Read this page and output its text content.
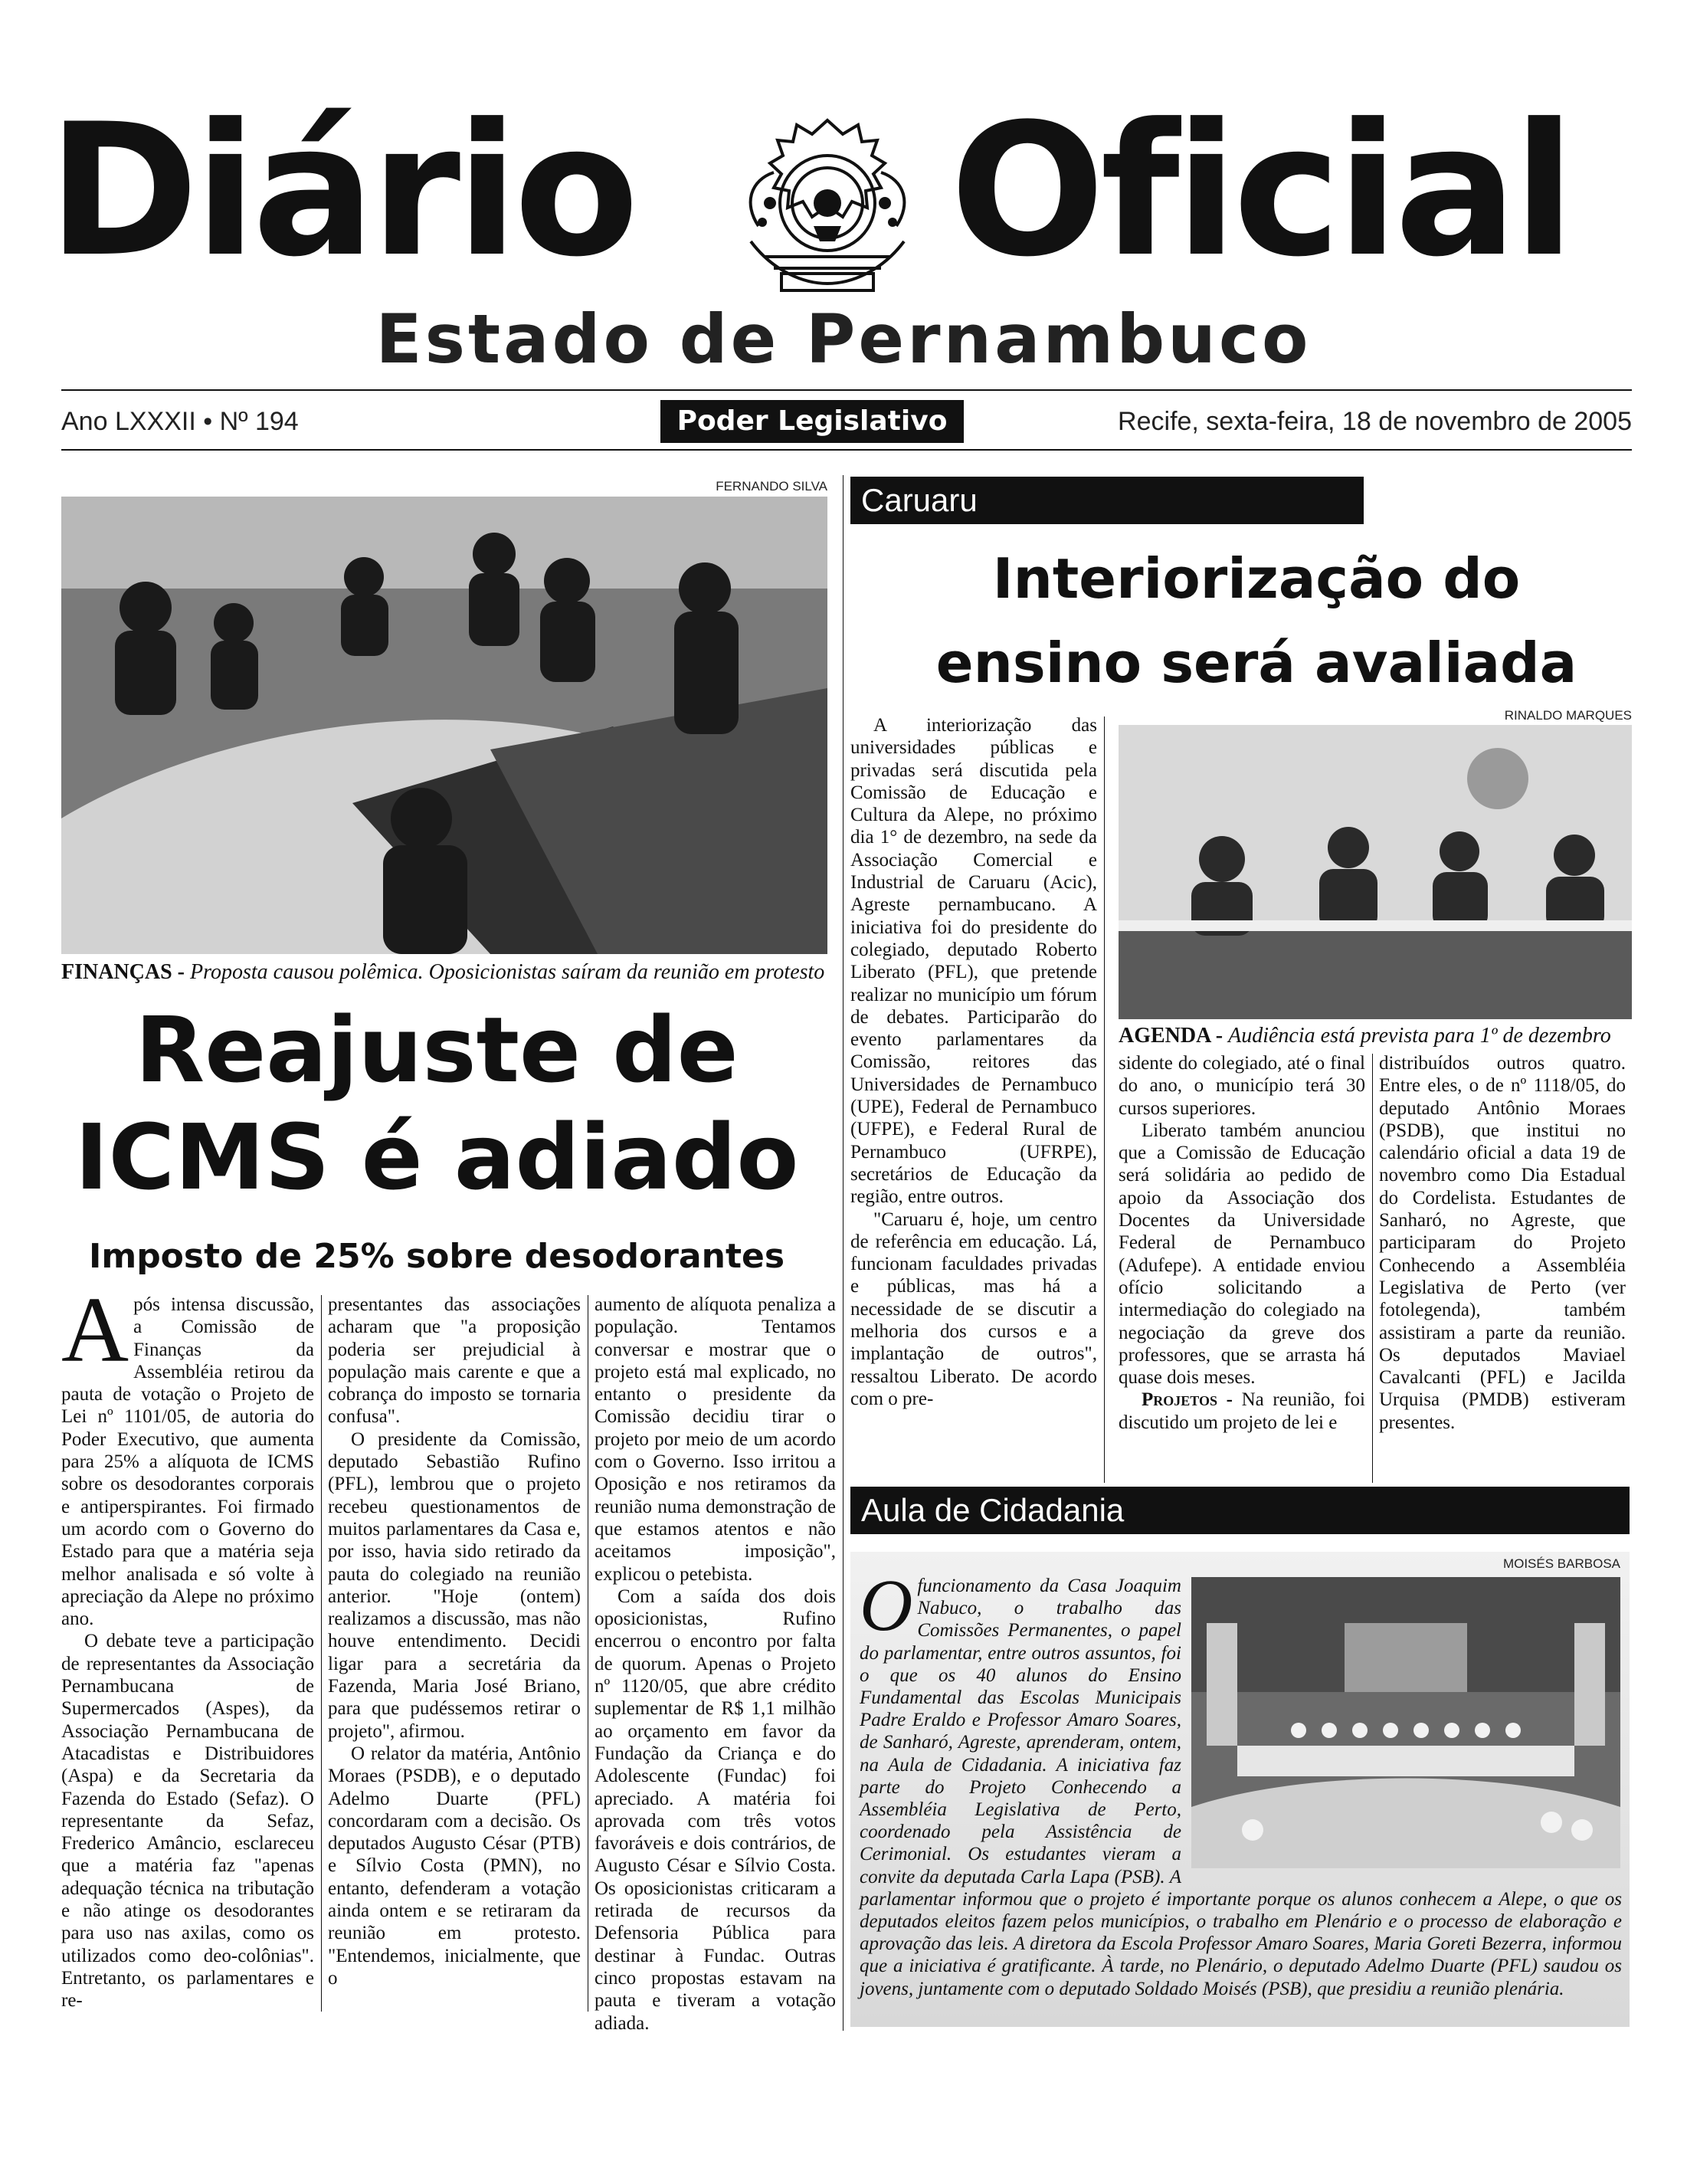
Diário	Oficial
Estado de Pernambuco
Ano LXXXII • Nº 194	Poder Legislativo	Recife, sexta-feira, 18 de novembro de 2005
FERNANDO SILVA
FINANÇAS - Proposta causou polêmica. Oposicionistas saíram da reunião em protesto
Reajuste de
ICMS é adiado
Imposto de 25% sobre desodorantes
A pós intensa discussão, a Comissão de Finanças da Assembléia retirou da pauta de votação o Projeto de Lei nº 1101/05, de autoria do Poder Executivo, que aumenta para 25% a alíquota de ICMS sobre os desodorantes corporais e antiperspirantes. Foi firmado um acordo com o Governo do Estado para que a matéria seja melhor analisada e só volte à apreciação da Alepe no próximo ano.

O debate teve a participação de representantes da Associação Pernambucana de Supermercados (Aspes), da Associação Pernambucana de Atacadistas e Distribuidores (Aspa) e da Secretaria da Fazenda do Estado (Sefaz). O representante da Sefaz, Frederico Amâncio, esclareceu que a matéria faz "apenas adequação técnica na tributação e não atinge os desodorantes para uso nas axilas, como os utilizados como deo-colônias". Entretanto, os parlamentares e re-

presentantes das associações acharam que "a proposição poderia ser prejudicial à população mais carente e que a cobrança do imposto se tornaria confusa".

O presidente da Comissão, deputado Sebastião Rufino (PFL), lembrou que o projeto recebeu questionamentos de muitos parlamentares da Casa e, por isso, havia sido retirado da pauta do colegiado na reunião anterior. "Hoje (ontem) realizamos a discussão, mas não houve entendimento. Decidi ligar para a secretária da Fazenda, Maria José Briano, para que pudéssemos retirar o projeto", afirmou.

O relator da matéria, Antônio Moraes (PSDB), e o deputado Adelmo Duarte (PFL) concordaram com a decisão. Os deputados Augusto César (PTB) e Sílvio Costa (PMN), no entanto, defenderam a votação ainda ontem e se retiraram da reunião em protesto. "Entendemos, inicialmente, que o

aumento de alíquota penaliza a população. Tentamos conversar e mostrar que o projeto está mal explicado, no entanto o presidente da Comissão decidiu tirar o projeto por meio de um acordo com o Governo. Isso irritou a Oposição e nos retiramos da reunião numa demonstração de que estamos atentos e não aceitamos imposição", explicou o petebista.

Com a saída dos dois oposicionistas, Rufino encerrou o encontro por falta de quorum. Apenas o Projeto nº 1120/05, que abre crédito suplementar de R$ 1,1 milhão ao orçamento em favor da Fundação da Criança e do Adolescente (Fundac) foi apreciado. A matéria foi aprovada com três votos favoráveis e dois contrários, de Augusto César e Sílvio Costa. Os oposicionistas criticaram a retirada de recursos da Defensoria Pública para destinar à Fundac. Outras cinco propostas estavam na pauta e tiveram a votação adiada.

Caruaru
Interiorização do
ensino será avaliada

A interiorização das universidades públicas e privadas será discutida pela Comissão de Educação e Cultura da Alepe, no próximo dia 1° de dezembro, na sede da Associação Comercial e Industrial de Caruaru (Acic), Agreste pernambucano. A iniciativa foi do presidente do colegiado, deputado Roberto Liberato (PFL), que pretende realizar no município um fórum de debates. Participarão do evento parlamentares da Comissão, reitores das Universidades de Pernambuco (UPE), Federal de Pernambuco (UFPE), e Federal Rural de Pernambuco (UFRPE), secretários de Educação da região, entre outros.

"Caruaru é, hoje, um centro de referência em educação. Lá, funcionam faculdades privadas e públicas, mas há a necessidade de se discutir a melhoria dos cursos e a implantação de outros", ressaltou Liberato. De acordo com o pre-

RINALDO MARQUES
AGENDA - Audiência está prevista para 1º de dezembro

sidente do colegiado, até o final do ano, o município terá 30 cursos superiores.

Liberato também anunciou que a Comissão de Educação será solidária ao pedido de apoio da Associação dos Docentes da Universidade Federal de Pernambuco (Adufepe). A entidade enviou ofício solicitando a intermediação do colegiado na negociação da greve dos professores, que se arrasta há quase dois meses.

Projetos - Na reunião, foi discutido um projeto de lei e

distribuídos outros quatro. Entre eles, o de nº 1118/05, do deputado Antônio Moraes (PSDB), que institui no calendário oficial a data 19 de novembro como Dia Estadual do Cordelista. Estudantes de Sanharó, no Agreste, que participaram do Projeto Conhecendo a Assembléia Legislativa de Perto (ver fotolegenda), também assistiram a parte da reunião. Os deputados Maviael Cavalcanti (PFL) e Jacilda Urquisa (PMDB) estiveram presentes.

Aula de Cidadania
MOISÉS BARBOSA
O funcionamento da Casa Joaquim Nabuco, o trabalho das Comissões Permanentes, o papel do parlamentar, entre outros assuntos, foi o que os 40 alunos do Ensino Fundamental das Escolas Municipais Padre Eraldo e Professor Amaro Soares, de Sanharó, Agreste, aprenderam, ontem, na Aula de Cidadania. A iniciativa faz parte do Projeto Conhecendo a Assembléia Legislativa de Perto, coordenado pela Assistência de Cerimonial. Os estudantes vieram a convite da deputada Carla Lapa (PSB). A parlamentar informou que o projeto é importante porque os alunos conhecem a Alepe, o que os deputados eleitos fazem pelos municípios, o trabalho em Plenário e o processo de elaboração e aprovação das leis. A diretora da Escola Professor Amaro Soares, Maria Goreti Bezerra, informou que a iniciativa é gratificante. À tarde, no Plenário, o deputado Adelmo Duarte (PFL) saudou os jovens, juntamente com o deputado Soldado Moisés (PSB), que presidiu a reunião plenária.
